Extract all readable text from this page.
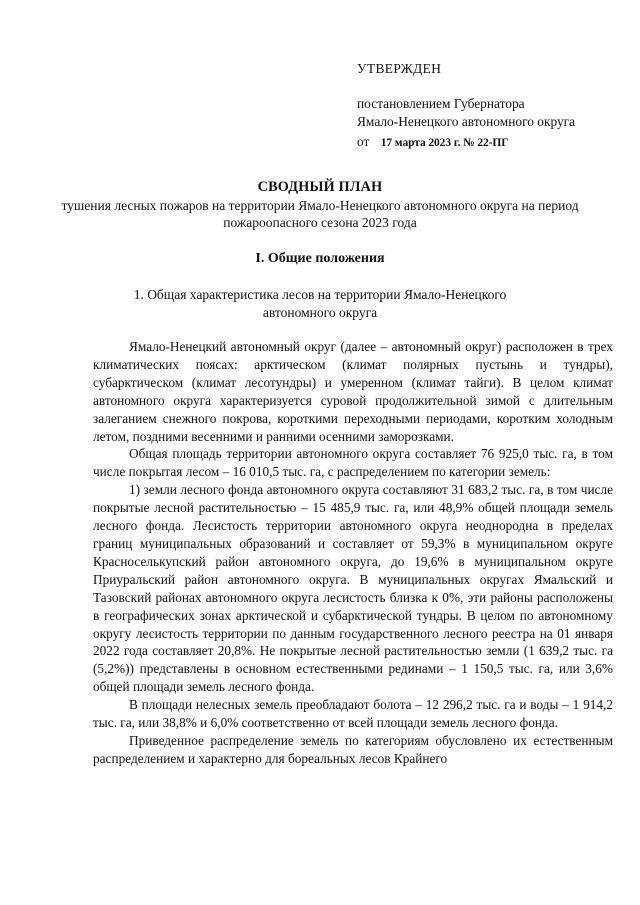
УТВЕРЖДЕН
постановлением Губернатора
Ямало-Ненецкого автономного округа
от 17 марта 2023 г. № 22-ПГ
СВОДНЫЙ ПЛАН
тушения лесных пожаров на территории Ямало-Ненецкого автономного округа на период пожароопасного сезона 2023 года
I. Общие положения
1. Общая характеристика лесов на территории Ямало-Ненецкого автономного округа

Ямало-Ненецкий автономный округ (далее – автономный округ) расположен в трех климатических поясах: арктическом (климат полярных пустынь и тундры), субарктическом (климат лесотундры) и умеренном (климат тайги). В целом климат автономного округа характеризуется суровой продолжительной зимой с длительным залеганием снежного покрова, короткими переходными периодами, коротким холодным летом, поздними весенними и ранними осенними заморозками.

Общая площадь территории автономного округа составляет 76 925,0 тыс. га, в том числе покрытая лесом – 16 010,5 тыс. га, с распределением по категории земель:

1) земли лесного фонда автономного округа составляют 31 683,2 тыс. га, в том числе покрытые лесной растительностью – 15 485,9 тыс. га, или 48,9% общей площади земель лесного фонда. Лесистость территории автономного округа неоднородна в пределах границ муниципальных образований и составляет от 59,3% в муниципальном округе Красноселькупский район автономного округа, до 19,6% в муниципальном округе Приуральский район автономного округа. В муниципальных округах Ямальский и Тазовский районах автономного округа лесистость близка к 0%, эти районы расположены в географических зонах арктической и субарктической тундры. В целом по автономному округу лесистость территории по данным государственного лесного реестра на 01 января 2022 года составляет 20,8%. Не покрытые лесной растительностью земли (1 639,2 тыс. га (5,2%)) представлены в основном естественными рединами – 1 150,5 тыс. га, или 3,6% общей площади земель лесного фонда.

В площади нелесных земель преобладают болота – 12 296,2 тыс. га и воды – 1 914,2 тыс. га, или 38,8% и 6,0% соответственно от всей площади земель лесного фонда.

Приведенное распределение земель по категориям обусловлено их естественным распределением и характерно для бореальных лесов Крайнего
